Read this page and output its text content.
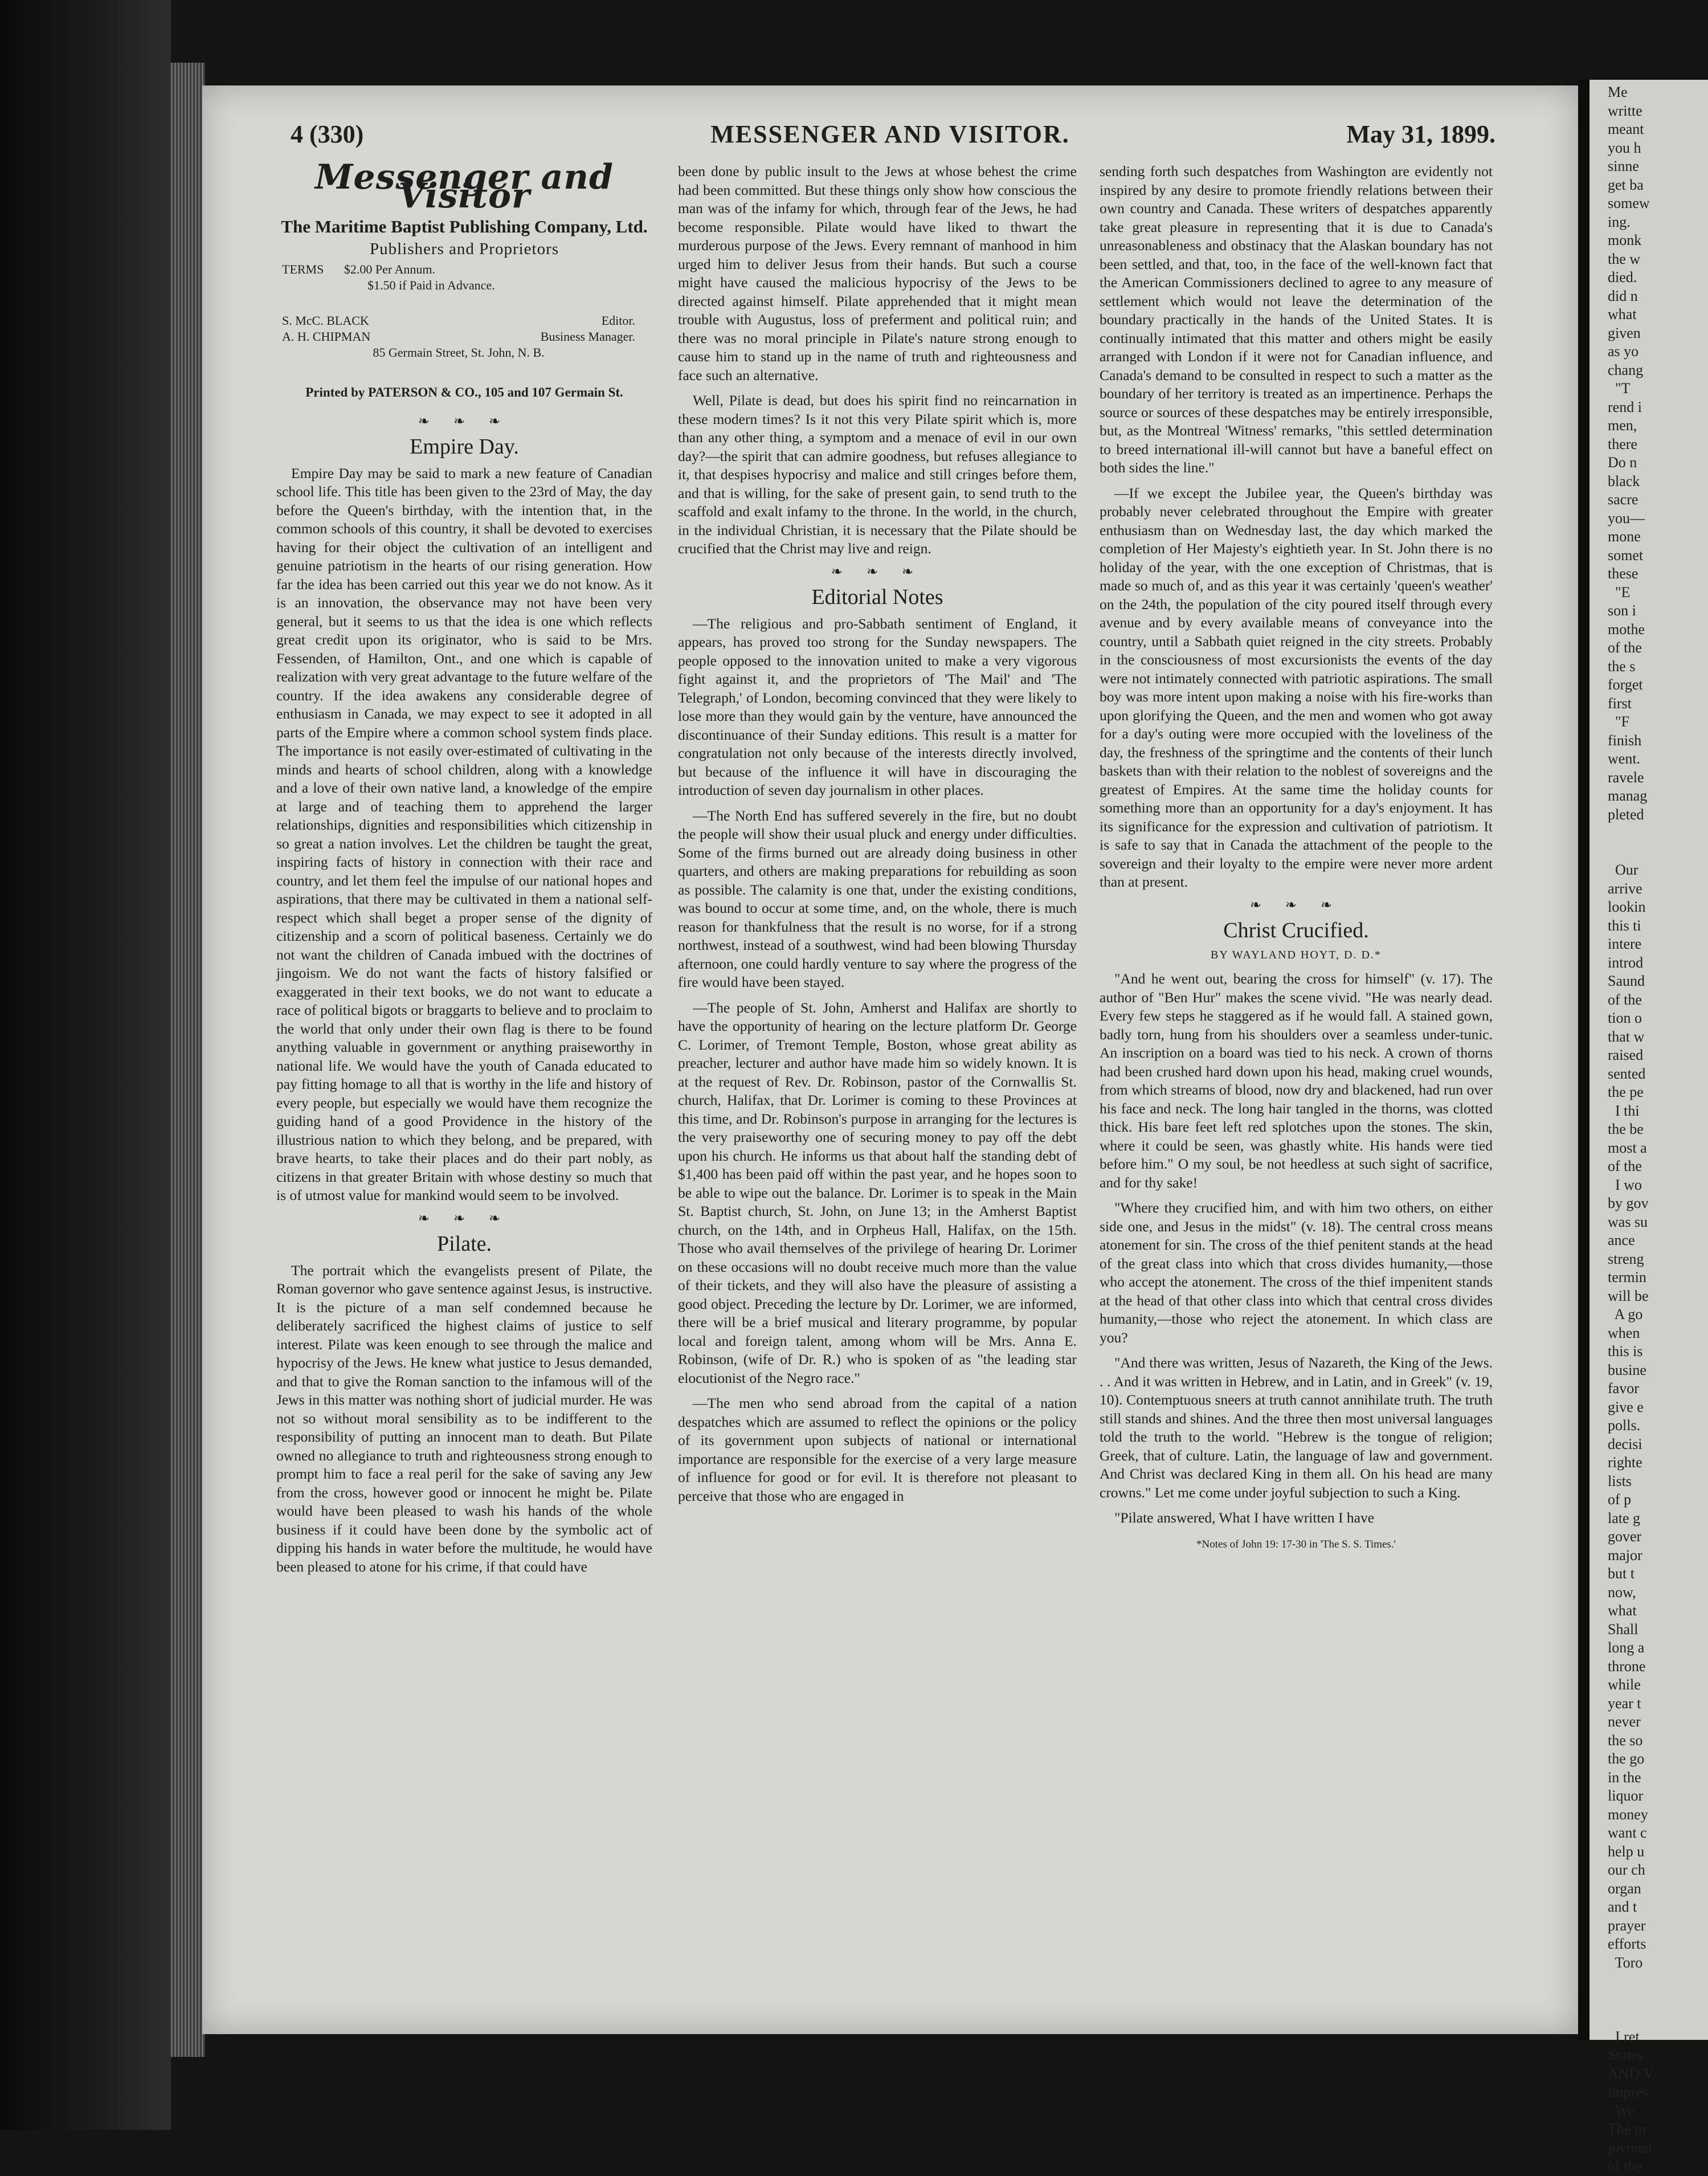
4 (330)	MESSENGER AND VISITOR.	May 31, 1899.
Messenger and Visitor
The Maritime Baptist Publishing Company, Ltd.
Publishers and Proprietors
TERMS $2.00 Per Annum.
$1.50 if Paid in Advance.
S. McC. BLACK	Editor.
A. H. CHIPMAN	Business Manager.
85 Germain Street, St. John, N. B.
Printed by PATERSON & CO., 105 and 107 Germain St.
❧ ❧ ❧
Empire Day.

Empire Day may be said to mark a new feature of Canadian school life. This title has been given to the 23rd of May, the day before the Queen's birthday, with the intention that, in the common schools of this country, it shall be devoted to exercises having for their object the cultivation of an intelligent and genuine patriotism in the hearts of our rising generation. How far the idea has been carried out this year we do not know. As it is an innovation, the observance may not have been very general, but it seems to us that the idea is one which reflects great credit upon its originator, who is said to be Mrs. Fessenden, of Hamilton, Ont., and one which is capable of realization with very great advantage to the future welfare of the country. If the idea awakens any considerable degree of enthusiasm in Canada, we may expect to see it adopted in all parts of the Empire where a common school system finds place. The importance is not easily over-estimated of cultivating in the minds and hearts of school children, along with a knowledge and a love of their own native land, a knowledge of the empire at large and of teaching them to apprehend the larger relationships, dignities and responsibilities which citizenship in so great a nation involves. Let the children be taught the great, inspiring facts of history in connection with their race and country, and let them feel the impulse of our national hopes and aspirations, that there may be cultivated in them a national self-respect which shall beget a proper sense of the dignity of citizenship and a scorn of political baseness. Certainly we do not want the children of Canada imbued with the doctrines of jingoism. We do not want the facts of history falsified or exaggerated in their text books, we do not want to educate a race of political bigots or braggarts to believe and to proclaim to the world that only under their own flag is there to be found anything valuable in government or anything praiseworthy in national life. We would have the youth of Canada educated to pay fitting homage to all that is worthy in the life and history of every people, but especially we would have them recognize the guiding hand of a good Providence in the history of the illustrious nation to which they belong, and be prepared, with brave hearts, to take their places and do their part nobly, as citizens in that greater Britain with whose destiny so much that is of utmost value for mankind would seem to be involved.

❧ ❧ ❧
Pilate.

The portrait which the evangelists present of Pilate, the Roman governor who gave sentence against Jesus, is instructive. It is the picture of a man self condemned because he deliberately sacrificed the highest claims of justice to self interest. Pilate was keen enough to see through the malice and hypocrisy of the Jews. He knew what justice to Jesus demanded, and that to give the Roman sanction to the infamous will of the Jews in this matter was nothing short of judicial murder. He was not so without moral sensibility as to be indifferent to the responsibility of putting an innocent man to death. But Pilate owned no allegiance to truth and righteousness strong enough to prompt him to face a real peril for the sake of saving any Jew from the cross, however good or innocent he might be. Pilate would have been pleased to wash his hands of the whole business if it could have been done by the symbolic act of dipping his hands in water before the multitude, he would have been pleased to atone for his crime, if that could have

been done by public insult to the Jews at whose behest the crime had been committed. But these things only show how conscious the man was of the infamy for which, through fear of the Jews, he had become responsible. Pilate would have liked to thwart the murderous purpose of the Jews. Every remnant of manhood in him urged him to deliver Jesus from their hands. But such a course might have caused the malicious hypocrisy of the Jews to be directed against himself. Pilate apprehended that it might mean trouble with Augustus, loss of preferment and political ruin; and there was no moral principle in Pilate's nature strong enough to cause him to stand up in the name of truth and righteousness and face such an alternative.

Well, Pilate is dead, but does his spirit find no reincarnation in these modern times? Is it not this very Pilate spirit which is, more than any other thing, a symptom and a menace of evil in our own day?—the spirit that can admire goodness, but refuses allegiance to it, that despises hypocrisy and malice and still cringes before them, and that is willing, for the sake of present gain, to send truth to the scaffold and exalt infamy to the throne. In the world, in the church, in the individual Christian, it is necessary that the Pilate should be crucified that the Christ may live and reign.

❧ ❧ ❧
Editorial Notes

—The religious and pro-Sabbath sentiment of England, it appears, has proved too strong for the Sunday newspapers. The people opposed to the innovation united to make a very vigorous fight against it, and the proprietors of 'The Mail' and 'The Telegraph,' of London, becoming convinced that they were likely to lose more than they would gain by the venture, have announced the discontinuance of their Sunday editions. This result is a matter for congratulation not only because of the interests directly involved, but because of the influence it will have in discouraging the introduction of seven day journalism in other places.

—The North End has suffered severely in the fire, but no doubt the people will show their usual pluck and energy under difficulties. Some of the firms burned out are already doing business in other quarters, and others are making preparations for rebuilding as soon as possible. The calamity is one that, under the existing conditions, was bound to occur at some time, and, on the whole, there is much reason for thankfulness that the result is no worse, for if a strong northwest, instead of a southwest, wind had been blowing Thursday afternoon, one could hardly venture to say where the progress of the fire would have been stayed.

—The people of St. John, Amherst and Halifax are shortly to have the opportunity of hearing on the lecture platform Dr. George C. Lorimer, of Tremont Temple, Boston, whose great ability as preacher, lecturer and author have made him so widely known. It is at the request of Rev. Dr. Robinson, pastor of the Cornwallis St. church, Halifax, that Dr. Lorimer is coming to these Provinces at this time, and Dr. Robinson's purpose in arranging for the lectures is the very praiseworthy one of securing money to pay off the debt upon his church. He informs us that about half the standing debt of $1,400 has been paid off within the past year, and he hopes soon to be able to wipe out the balance. Dr. Lorimer is to speak in the Main St. Baptist church, St. John, on June 13; in the Amherst Baptist church, on the 14th, and in Orpheus Hall, Halifax, on the 15th. Those who avail themselves of the privilege of hearing Dr. Lorimer on these occasions will no doubt receive much more than the value of their tickets, and they will also have the pleasure of assisting a good object. Preceding the lecture by Dr. Lorimer, we are informed, there will be a brief musical and literary programme, by popular local and foreign talent, among whom will be Mrs. Anna E. Robinson, (wife of Dr. R.) who is spoken of as "the leading star elocutionist of the Negro race."

—The men who send abroad from the capital of a nation despatches which are assumed to reflect the opinions or the policy of its government upon subjects of national or international importance are responsible for the exercise of a very large measure of influence for good or for evil. It is therefore not pleasant to perceive that those who are engaged in

sending forth such despatches from Washington are evidently not inspired by any desire to promote friendly relations between their own country and Canada. These writers of despatches apparently take great pleasure in representing that it is due to Canada's unreasonableness and obstinacy that the Alaskan boundary has not been settled, and that, too, in the face of the well-known fact that the American Commissioners declined to agree to any measure of settlement which would not leave the determination of the boundary practically in the hands of the United States. It is continually intimated that this matter and others might be easily arranged with London if it were not for Canadian influence, and Canada's demand to be consulted in respect to such a matter as the boundary of her territory is treated as an impertinence. Perhaps the source or sources of these despatches may be entirely irresponsible, but, as the Montreal 'Witness' remarks, "this settled determination to breed international ill-will cannot but have a baneful effect on both sides the line."

—If we except the Jubilee year, the Queen's birthday was probably never celebrated throughout the Empire with greater enthusiasm than on Wednesday last, the day which marked the completion of Her Majesty's eightieth year. In St. John there is no holiday of the year, with the one exception of Christmas, that is made so much of, and as this year it was certainly 'queen's weather' on the 24th, the population of the city poured itself through every avenue and by every available means of conveyance into the country, until a Sabbath quiet reigned in the city streets. Probably in the consciousness of most excursionists the events of the day were not intimately connected with patriotic aspirations. The small boy was more intent upon making a noise with his fire-works than upon glorifying the Queen, and the men and women who got away for a day's outing were more occupied with the loveliness of the day, the freshness of the springtime and the contents of their lunch baskets than with their relation to the noblest of sovereigns and the greatest of Empires. At the same time the holiday counts for something more than an opportunity for a day's enjoyment. It has its significance for the expression and cultivation of patriotism. It is safe to say that in Canada the attachment of the people to the sovereign and their loyalty to the empire were never more ardent than at present.

❧ ❧ ❧
Christ Crucified.
BY WAYLAND HOYT, D. D.*

"And he went out, bearing the cross for himself" (v. 17). The author of "Ben Hur" makes the scene vivid. "He was nearly dead. Every few steps he staggered as if he would fall. A stained gown, badly torn, hung from his shoulders over a seamless under-tunic. An inscription on a board was tied to his neck. A crown of thorns had been crushed hard down upon his head, making cruel wounds, from which streams of blood, now dry and blackened, had run over his face and neck. The long hair tangled in the thorns, was clotted thick. His bare feet left red splotches upon the stones. The skin, where it could be seen, was ghastly white. His hands were tied before him." O my soul, be not heedless at such sight of sacrifice, and for thy sake!

"Where they crucified him, and with him two others, on either side one, and Jesus in the midst" (v. 18). The central cross means atonement for sin. The cross of the thief penitent stands at the head of the great class into which that cross divides humanity,—those who accept the atonement. The cross of the thief impenitent stands at the head of that other class into which that central cross divides humanity,—those who reject the atonement. In which class are you?

"And there was written, Jesus of Nazareth, the King of the Jews. . . And it was written in Hebrew, and in Latin, and in Greek" (v. 19, 10). Contemptuous sneers at truth cannot annihilate truth. The truth still stands and shines. And the three then most universal languages told the truth to the world. "Hebrew is the tongue of religion; Greek, that of culture. Latin, the language of law and government. And Christ was declared King in them all. On his head are many crowns." Let me come under joyful subjection to such a King.

"Pilate answered, What I have written I have

*Notes of John 19: 17-30 in 'The S. S. Times.'
Me
writte
meant
you h
sinne
get ba
somew
ing.
monk
the w
died.
did n
what
given
as yo
chang
"T
rend i
men,
there
Do n
black
sacre
you—
mone
somet
these
"E
son i
mothe
of the
the s
forget
first
"F
finish
went.
ravele
manag
pleted

Our
arrive
lookin
this ti
intere
introd
Saund
of the
tion o
that w
raised
sented
the pe
I thi
the be
most a
of the
I wo
by gov
was su
ance
streng
termin
will be
A go
when
this is
busine
favor
give e
polls.
decisi
righte
lists
of p
late g
gover
major
but t
now,
what
Shall
long a
throne
while
year t
never
the so
the go
in the
liquor
money
want c
help u
our ch
organ
and t
prayer
efforts
Toro

I ret
States
AND V
impres
We
The m
joymen
of the
